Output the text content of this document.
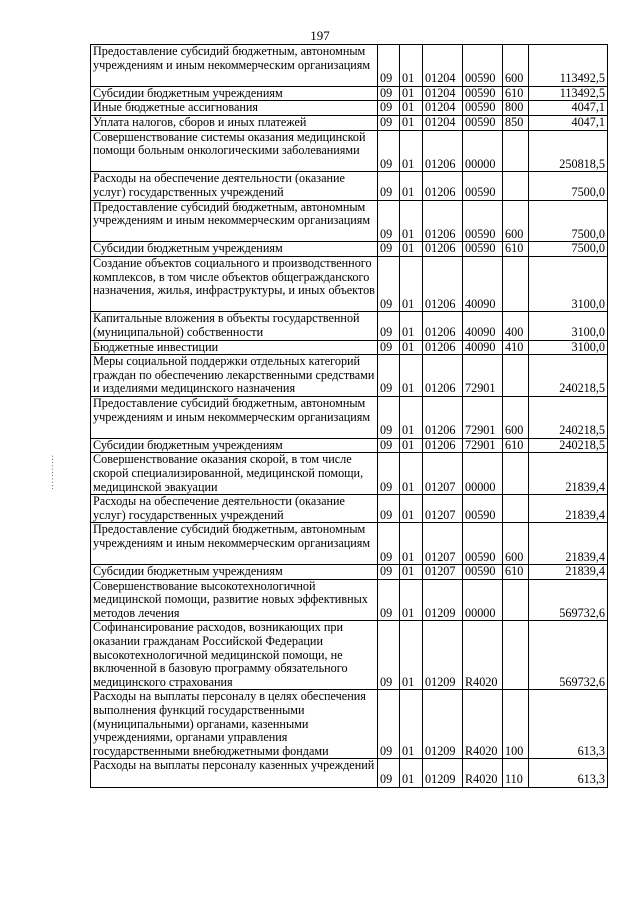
197
...........
Предоставление субсидий бюджетным, автономным учреждениям и иным некоммерческим организациям	09	01	01204	00590	600	113492,5
Субсидии бюджетным учреждениям	09	01	01204	00590	610	113492,5
Иные бюджетные ассигнования	09	01	01204	00590	800	4047,1
Уплата налогов, сборов и иных платежей	09	01	01204	00590	850	4047,1
Совершенствование системы оказания медицинской помощи больным онкологическими заболеваниями	09	01	01206	00000		250818,5
Расходы на обеспечение деятельности (оказание услуг) государственных учреждений	09	01	01206	00590		7500,0
Предоставление субсидий бюджетным, автономным учреждениям и иным некоммерческим организациям	09	01	01206	00590	600	7500,0
Субсидии бюджетным учреждениям	09	01	01206	00590	610	7500,0
Создание объектов социального и производственного комплексов, в том числе объектов общегражданского назначения, жилья, инфраструктуры, и иных объектов	09	01	01206	40090		3100,0
Капитальные вложения в объекты государственной (муниципальной) собственности	09	01	01206	40090	400	3100,0
Бюджетные инвестиции	09	01	01206	40090	410	3100,0
Меры социальной поддержки отдельных категорий граждан по обеспечению лекарственными средствами и изделиями медицинского назначения	09	01	01206	72901		240218,5
Предоставление субсидий бюджетным, автономным учреждениям и иным некоммерческим организациям	09	01	01206	72901	600	240218,5
Субсидии бюджетным учреждениям	09	01	01206	72901	610	240218,5
Совершенствование оказания скорой, в том числе скорой специализированной, медицинской помощи, медицинской эвакуации	09	01	01207	00000		21839,4
Расходы на обеспечение деятельности (оказание услуг) государственных учреждений	09	01	01207	00590		21839,4
Предоставление субсидий бюджетным, автономным учреждениям и иным некоммерческим организациям	09	01	01207	00590	600	21839,4
Субсидии бюджетным учреждениям	09	01	01207	00590	610	21839,4
Совершенствование высокотехнологичной медицинской помощи, развитие новых эффективных методов лечения	09	01	01209	00000		569732,6
Софинансирование расходов, возникающих при оказании гражданам Российской Федерации высокотехнологичной медицинской помощи, не включенной в базовую программу обязательного медицинского страхования	09	01	01209	R4020		569732,6
Расходы на выплаты персоналу в целях обеспечения выполнения функций государственными (муниципальными) органами, казенными учреждениями, органами управления государственными внебюджетными фондами	09	01	01209	R4020	100	613,3
Расходы на выплаты персоналу казенных учреждений	09	01	01209	R4020	110	613,3
